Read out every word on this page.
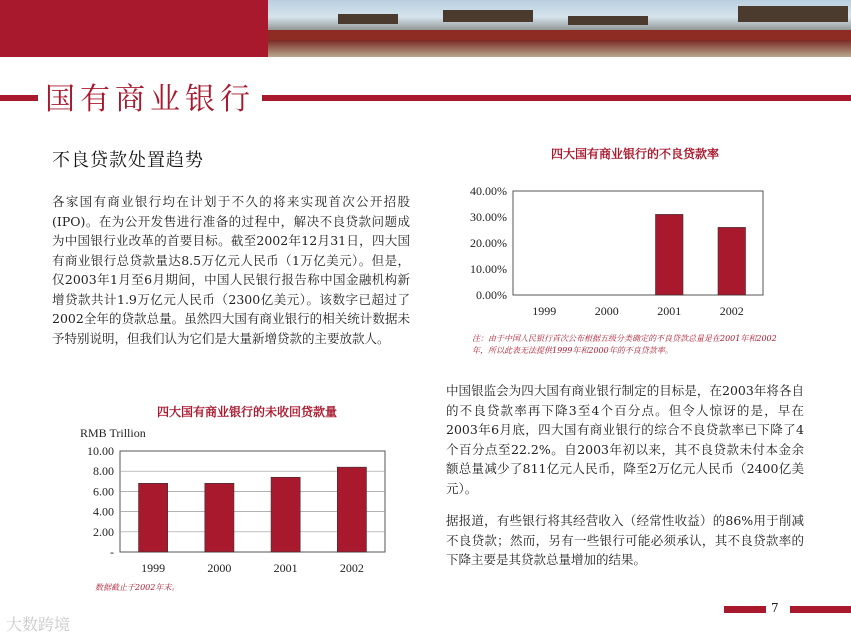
国有商业银行
不良贷款处置趋势
各家国有商业银行均在计划于不久的将来实现首次公开招股(IPO)。在为公开发售进行准备的过程中，解决不良贷款问题成为中国银行业改革的首要目标。截至2002年12月31日，四大国有商业银行总贷款量达8.5万亿元人民币（1万亿美元）。但是，仅2003年1月至6月期间，中国人民银行报告称中国金融机构新增贷款共计1.9万亿元人民币（2300亿美元）。该数字已超过了2002全年的贷款总量。虽然四大国有商业银行的相关统计数据未予特别说明，但我们认为它们是大量新增贷款的主要放款人。
中国银监会为四大国有商业银行制定的目标是，在2003年将各自的不良贷款率再下降3至4个百分点。但令人惊讶的是，早在2003年6月底，四大国有商业银行的综合不良贷款率已下降了4个百分点至22.2%。自2003年初以来，其不良贷款未付本金余额总量减少了811亿元人民币，降至2万亿元人民币（2400亿美元）。
据报道，有些银行将其经营收入（经常性收益）的86%用于削减不良贷款；然而，另有一些银行可能必须承认，其不良贷款率的下降主要是其贷款总量增加的结果。
四大国有商业银行的不良贷款率
0.00%
10.00%
20.00%
30.00%
40.00%
1999	2000	2001	2002
注：由于中国人民银行首次公布根据五级分类确定的不良贷款总量是在2001年和2002年，所以此表无法提供1999年和2000年的不良贷款率。
四大国有商业银行的未收回贷款量
-
2.00
4.00
6.00
8.00
10.00
1999	2000	2001	2002
RMB Trillion
数据截止于2002年末。
7
大数跨境
